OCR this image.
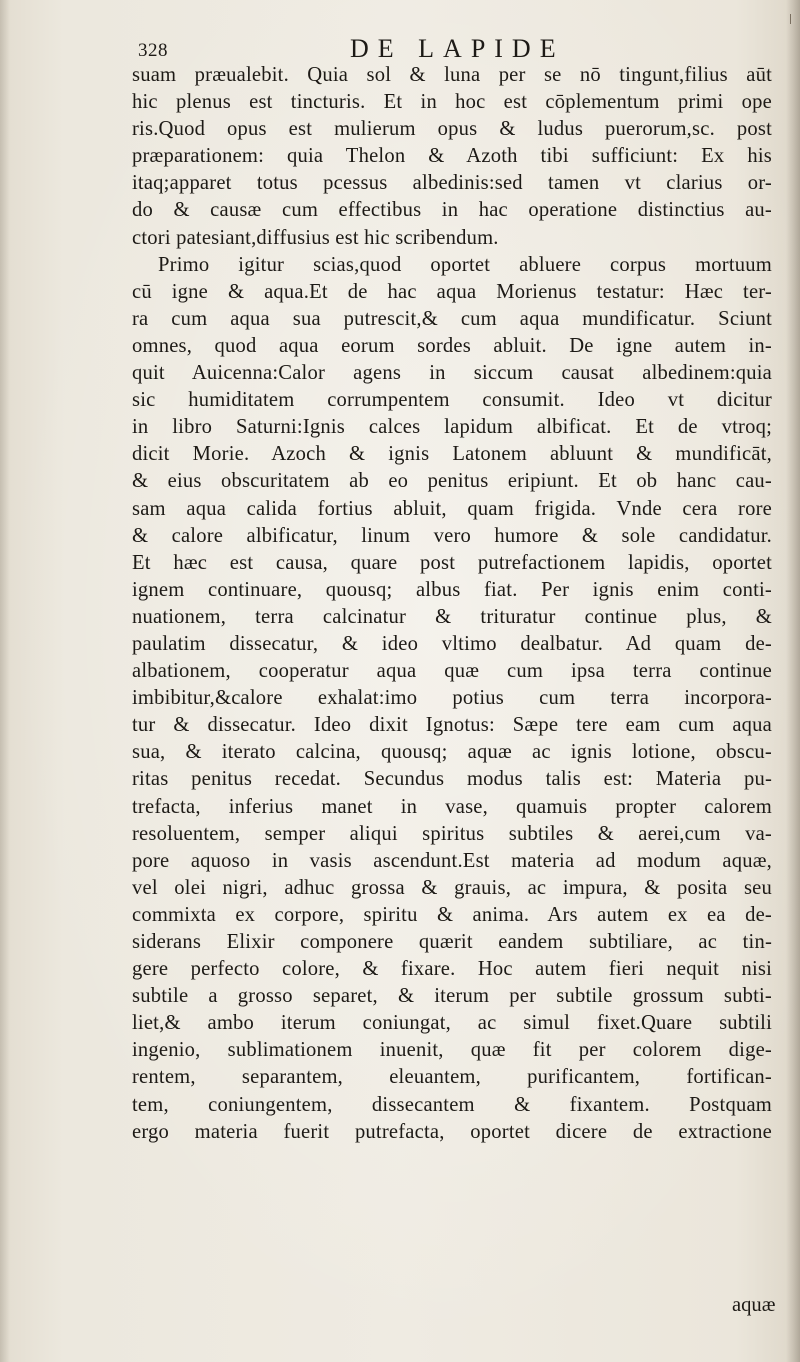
328	DE LAPIDE
suam præualebit. Quia sol & luna per se nō tingunt,filius aūt
hic plenus est tincturis. Et in hoc est cōplementum primi ope
ris.Quod opus est mulierum opus & ludus puerorum,sc. post
præparationem: quia Thelon & Azoth tibi sufficiunt: Ex his
itaq;apparet totus pcessus albedinis:sed tamen vt clarius or-
do & causæ cum effectibus in hac operatione distinctius au-
ctori patesiant,diffusius est hic scribendum.
Primo igitur scias,quod oportet abluere corpus mortuum
cū igne & aqua.Et de hac aqua Morienus testatur: Hæc ter-
ra cum aqua sua putrescit,& cum aqua mundificatur. Sciunt
omnes, quod aqua eorum sordes abluit. De igne autem in-
quit Auicenna:Calor agens in siccum causat albedinem:quia
sic humiditatem corrumpentem consumit. Ideo vt dicitur
in libro Saturni:Ignis calces lapidum albificat. Et de vtroq;
dicit Morie. Azoch & ignis Latonem abluunt & mundificāt,
& eius obscuritatem ab eo penitus eripiunt. Et ob hanc cau-
sam aqua calida fortius abluit, quam frigida. Vnde cera rore
& calore albificatur, linum vero humore & sole candidatur.
Et hæc est causa, quare post putrefactionem lapidis, oportet
ignem continuare, quousq; albus fiat. Per ignis enim conti-
nuationem, terra calcinatur & trituratur continue plus, &
paulatim dissecatur, & ideo vltimo dealbatur. Ad quam de-
albationem, cooperatur aqua quæ cum ipsa terra continue
imbibitur,&calore exhalat:imo potius cum terra incorpora-
tur & dissecatur. Ideo dixit Ignotus: Sæpe tere eam cum aqua
sua, & iterato calcina, quousq; aquæ ac ignis lotione, obscu-
ritas penitus recedat. Secundus modus talis est: Materia pu-
trefacta, inferius manet in vase, quamuis propter calorem
resoluentem, semper aliqui spiritus subtiles & aerei,cum va-
pore aquoso in vasis ascendunt.Est materia ad modum aquæ,
vel olei nigri, adhuc grossa & grauis, ac impura, & posita seu
commixta ex corpore, spiritu & anima. Ars autem ex ea de-
siderans Elixir componere quærit eandem subtiliare, ac tin-
gere perfecto colore, & fixare. Hoc autem fieri nequit nisi
subtile a grosso separet, & iterum per subtile grossum subti-
liet,& ambo iterum coniungat, ac simul fixet.Quare subtili
ingenio, sublimationem inuenit, quæ fit per colorem dige-
rentem, separantem, eleuantem, purificantem, fortifican-
tem, coniungentem, dissecantem & fixantem. Postquam
ergo materia fuerit putrefacta, oportet dicere de extractione
aquæ
